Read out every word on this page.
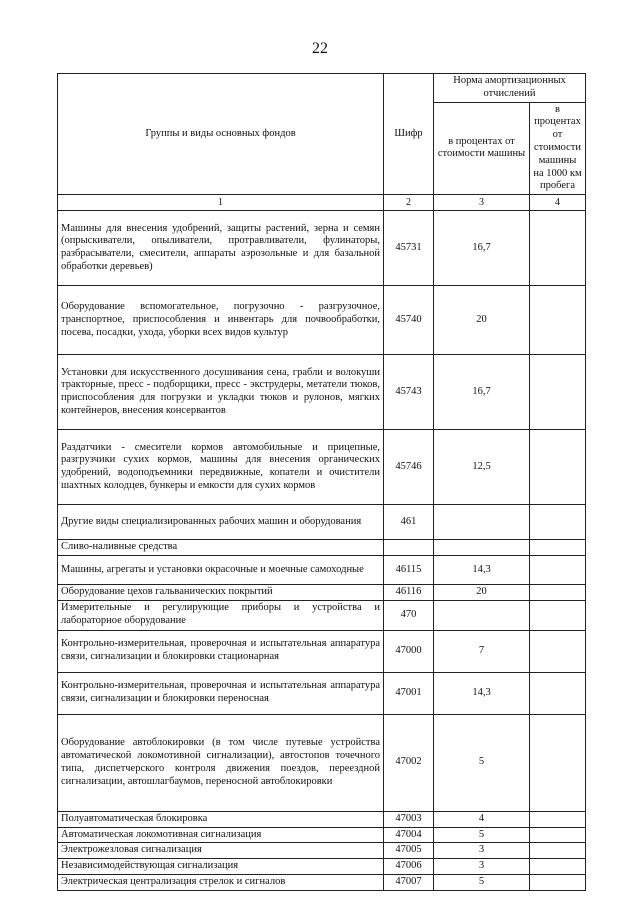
22
Группы и виды основных фондов	Шифр	Норма амортизационных отчислений	
		в процентах от стоимости машины	в процентах от стоимости машины на 1000 км пробега
1	2	3	4
Машины для внесения удобрений, защиты растений, зерна и семян (опрыскиватели, опыливатели, протравливатели, фулинаторы, разбрасыватели, смесители, аппараты аэрозольные и для базальной обработки деревьев)	45731	16,7	
Оборудование вспомогательное, погрузочно - разгрузочное, транспортное, приспособления и инвентарь для почвообработки, посева, посадки, ухода, уборки всех видов культур	45740	20	
Установки для искусственного досушивания сена, грабли и волокуши тракторные, пресс - подборщики, пресс - экструдеры, метатели тюков, приспособления для погрузки и укладки тюков и рулонов, мягких контейнеров, внесения консервантов	45743	16,7	
Раздатчики - смесители кормов автомобильные и прицепные, разгрузчики сухих кормов, машины для внесения органических удобрений, водоподъемники передвижные, копатели и очистители шахтных колодцев, бункеры и емкости для сухих кормов	45746	12,5	
Другие виды специализированных рабочих машин и оборудования	461		
Сливо-наливные средства			
Машины, агрегаты и установки окрасочные и моечные самоходные	46115	14,3	
Оборудование цехов гальванических покрытий	46116	20	
Измерительные и регулирующие приборы и устройства и лабораторное оборудование	470		
Контрольно-измерительная, проверочная и испытательная аппаратура связи, сигнализации и блокировки стационарная	47000	7	
Контрольно-измерительная, проверочная и испытательная аппаратура связи, сигнализации и блокировки переносная	47001	14,3	
Оборудование автоблокировки (в том числе путевые устройства автоматической локомотивной сигнализации), автостопов точечного типа, диспетчерского контроля движения поездов, переездной сигнализации, автошлагбаумов, переносной автоблокировки	47002	5	
Полуавтоматическая блокировка	47003	4	
Автоматическая локомотивная сигнализация	47004	5	
Электрожезловая сигнализация	47005	3	
Независимодействующая сигнализация	47006	3	
Электрическая централизация стрелок и сигналов	47007	5	
